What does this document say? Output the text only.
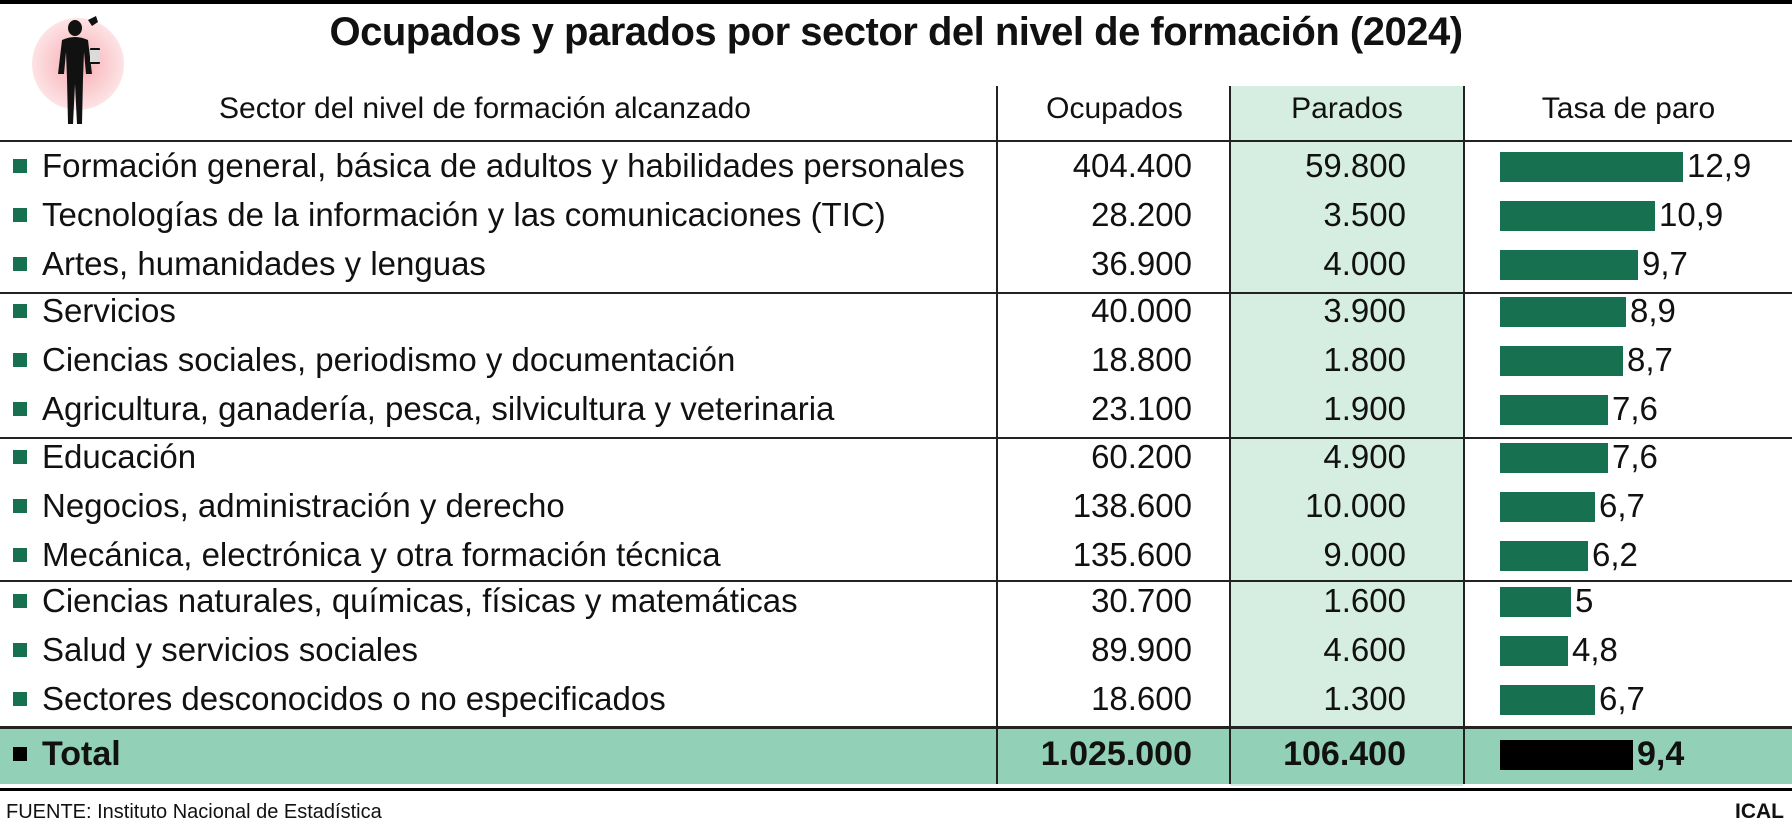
Ocupados y parados por sector del nivel de formación (2024)
Sector del nivel de formación alcanzado	Ocupados	Parados	Tasa de paro
Formación general, básica de adultos y habilidades personales	404.400	59.800	12,9
Tecnologías de la información y las comunicaciones (TIC)	28.200	3.500	10,9
Artes, humanidades y lenguas	36.900	4.000	9,7
Servicios	40.000	3.900	8,9
Ciencias sociales, periodismo y documentación	18.800	1.800	8,7
Agricultura, ganadería, pesca, silvicultura y veterinaria	23.100	1.900	7,6
Educación	60.200	4.900	7,6
Negocios, administración y derecho	138.600	10.000	6,7
Mecánica, electrónica y otra formación técnica	135.600	9.000	6,2
Ciencias naturales, químicas, físicas y matemáticas	30.700	1.600	5
Salud y servicios sociales	89.900	4.600	4,8
Sectores desconocidos o no especificados	18.600	1.300	6,7
Total	1.025.000	106.400	9,4
FUENTE: Instituto Nacional de Estadística	ICAL
